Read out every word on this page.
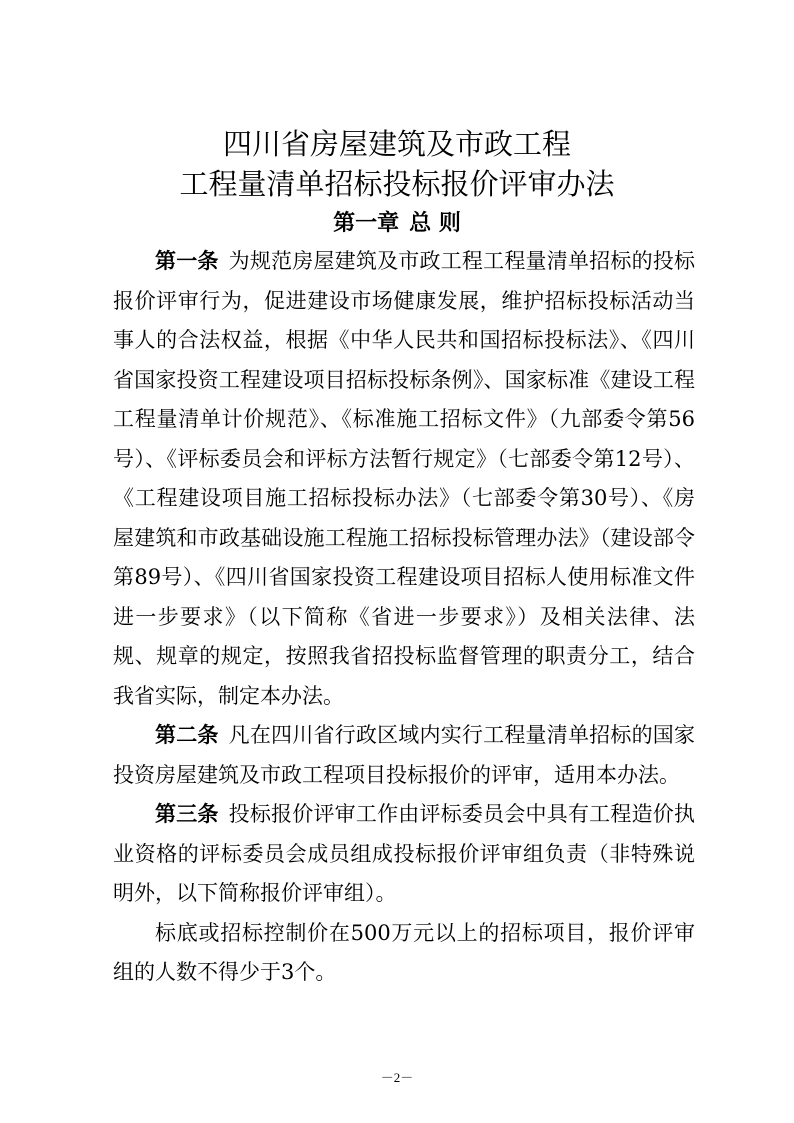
四川省房屋建筑及市政工程
工程量清单招标投标报价评审办法
第一章 总 则

第一条 为规范房屋建筑及市政工程工程量清单招标的投标报价评审行为，促进建设市场健康发展，维护招标投标活动当事人的合法权益，根据《中华人民共和国招标投标法》、《四川省国家投资工程建设项目招标投标条例》、国家标准《建设工程工程量清单计价规范》、《标准施工招标文件》（九部委令第56号）、《评标委员会和评标方法暂行规定》（七部委令第12号）、《工程建设项目施工招标投标办法》（七部委令第30号）、《房屋建筑和市政基础设施工程施工招标投标管理办法》（建设部令第89号）、《四川省国家投资工程建设项目招标人使用标准文件进一步要求》（以下简称《省进一步要求》）及相关法律、法规、规章的规定，按照我省招投标监督管理的职责分工，结合我省实际，制定本办法。

第二条 凡在四川省行政区域内实行工程量清单招标的国家投资房屋建筑及市政工程项目投标报价的评审，适用本办法。

第三条 投标报价评审工作由评标委员会中具有工程造价执业资格的评标委员会成员组成投标报价评审组负责（非特殊说明外，以下简称报价评审组）。

标底或招标控制价在500万元以上的招标项目，报价评审组的人数不得少于3个。

－2－
